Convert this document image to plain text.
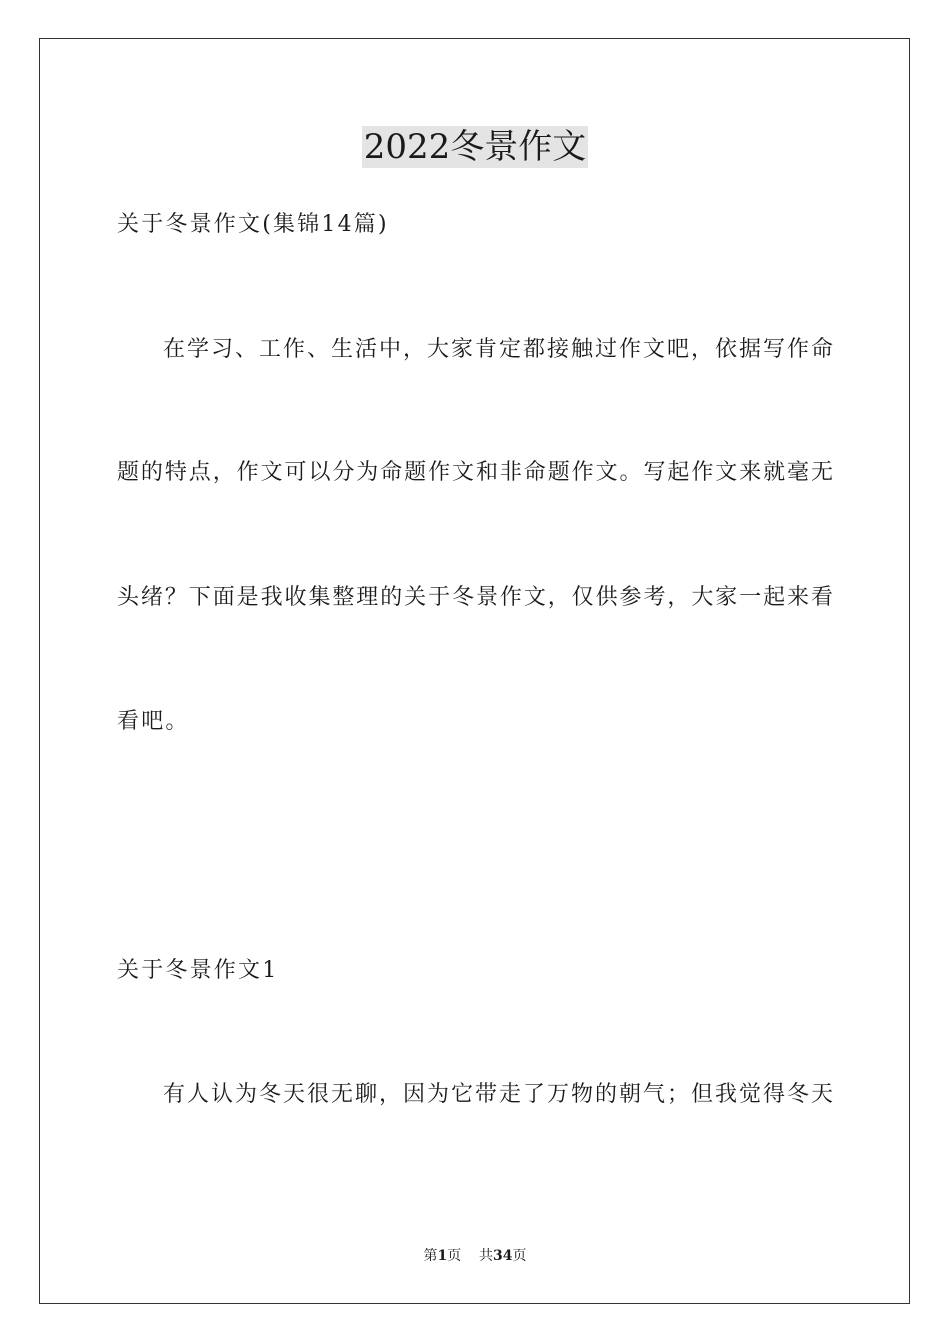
2022冬景作文
关于冬景作文(集锦14篇)
在学习、工作、生活中，大家肯定都接触过作文吧，依据写作命
题的特点，作文可以分为命题作文和非命题作文。写起作文来就毫无
头绪？下面是我收集整理的关于冬景作文，仅供参考，大家一起来看
看吧。
关于冬景作文1
有人认为冬天很无聊，因为它带走了万物的朝气；但我觉得冬天
第1页 共34页
